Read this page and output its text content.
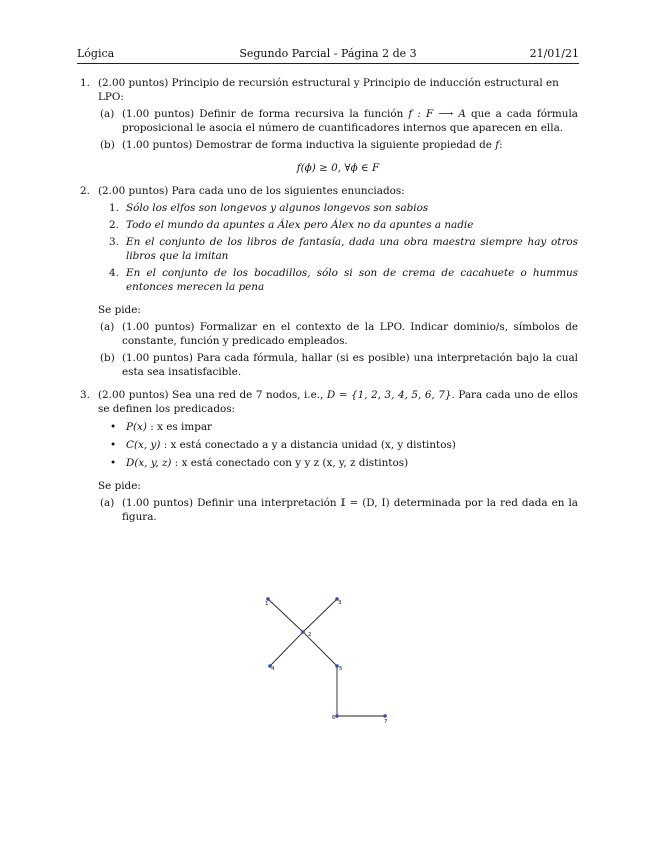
Lógica	Segundo Parcial - Página 2 de 3	21/01/21
1. (2.00 puntos) Principio de recursión estructural y Principio de inducción estructural en LPO:
(a) (1.00 puntos) Definir de forma recursiva la función f : F ⟶ A que a cada fórmula proposicional le asocia el número de cuantificadores internos que aparecen en ella.
(b) (1.00 puntos) Demostrar de forma inductiva la siguiente propiedad de f:
f(ϕ) ≥ 0, ∀ϕ ∈ F
2. (2.00 puntos) Para cada uno de los siguientes enunciados:
1. Sólo los elfos son longevos y algunos longevos son sabios
2. Todo el mundo da apuntes a Álex pero Álex no da apuntes a nadie
3. En el conjunto de los libros de fantasía, dada una obra maestra siempre hay otros libros que la imitan
4. En el conjunto de los bocadillos, sólo si son de crema de cacahuete o hummus entonces merecen la pena
Se pide:
(a) (1.00 puntos) Formalizar en el contexto de la LPO. Indicar dominio/s, símbolos de constante, función y predicado empleados.
(b) (1.00 puntos) Para cada fórmula, hallar (si es posible) una interpretación bajo la cual esta sea insatisfacible.
3. (2.00 puntos) Sea una red de 7 nodos, i.e., D = {1, 2, 3, 4, 5, 6, 7}. Para cada uno de ellos se definen los predicados:
• P(x) : x es impar
• C(x, y) : x está conectado a y a distancia unidad (x, y distintos)
• D(x, y, z) : x está conectado con y y z (x, y, z distintos)
Se pide:
(a) (1.00 puntos) Definir una interpretación 𝕀 = (D, I) determinada por la red dada en la figura.
1
2
3
4	5
6
7
